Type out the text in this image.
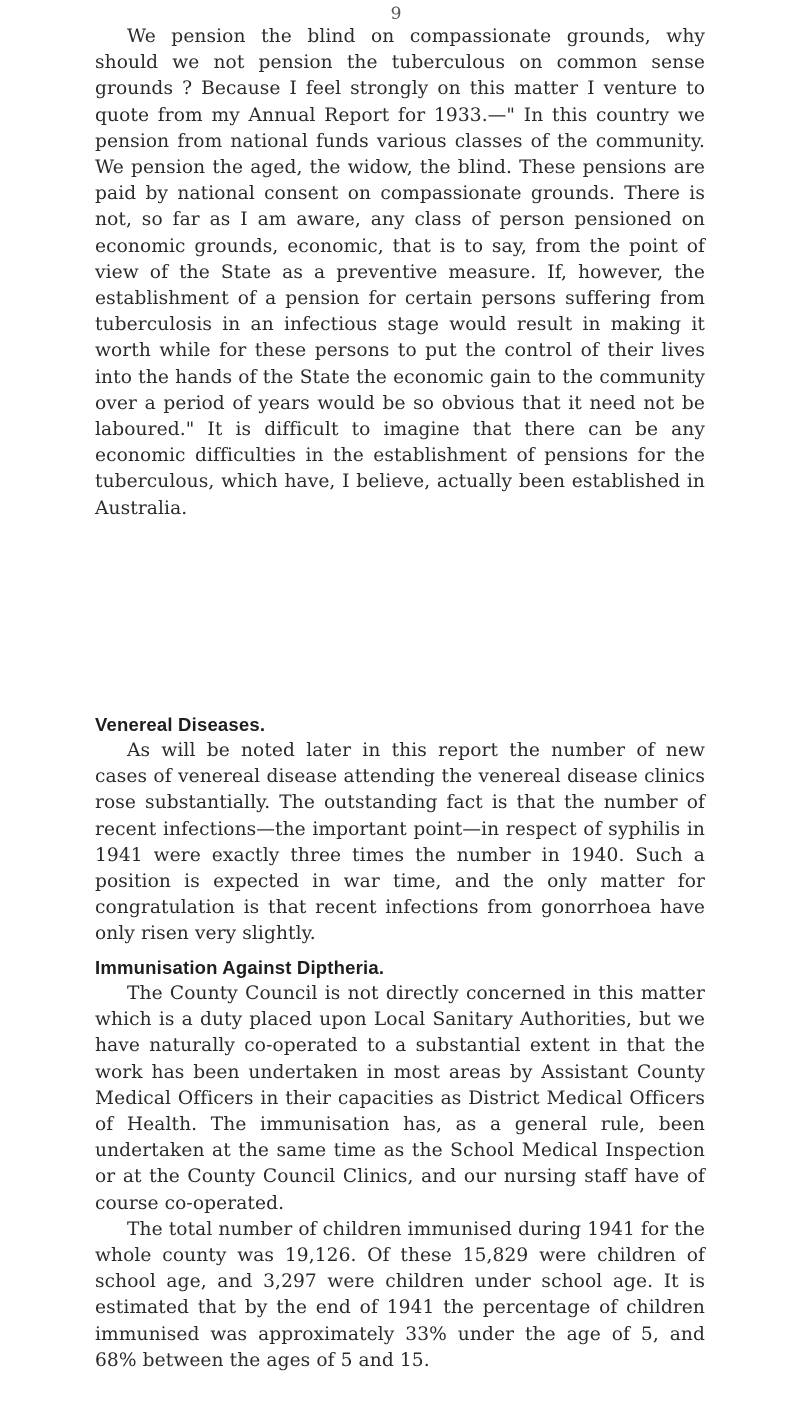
9

We pension the blind on compassionate grounds, why should we not pension the tuberculous on common sense grounds ? Because I feel strongly on this matter I venture to quote from my Annual Report for 1933.—" In this country we pension from national funds various classes of the community. We pension the aged, the widow, the blind. These pensions are paid by national consent on compassionate grounds. There is not, so far as I am aware, any class of person pensioned on economic grounds, economic, that is to say, from the point of view of the State as a preventive measure. If, however, the establishment of a pension for certain persons suffering from tuberculosis in an infectious stage would result in making it worth while for these persons to put the control of their lives into the hands of the State the economic gain to the community over a period of years would be so obvious that it need not be laboured." It is difficult to imagine that there can be any economic difficulties in the establishment of pensions for the tuberculous, which have, I believe, actually been established in Australia.

Venereal Diseases.

As will be noted later in this report the number of new cases of venereal disease attending the venereal disease clinics rose substantially. The outstanding fact is that the number of recent infections—the important point—in respect of syphilis in 1941 were exactly three times the number in 1940. Such a position is expected in war time, and the only matter for congratulation is that recent infections from gonorrhoea have only risen very slightly.

Immunisation Against Diptheria.

The County Council is not directly concerned in this matter which is a duty placed upon Local Sanitary Authorities, but we have naturally co-operated to a substantial extent in that the work has been undertaken in most areas by Assistant County Medical Officers in their capacities as District Medical Officers of Health. The immunisation has, as a general rule, been undertaken at the same time as the School Medical Inspection or at the County Council Clinics, and our nursing staff have of course co-operated.

The total number of children immunised during 1941 for the whole county was 19,126. Of these 15,829 were children of school age, and 3,297 were children under school age. It is estimated that by the end of 1941 the percentage of children immunised was approximately 33% under the age of 5, and 68% between the ages of 5 and 15.
